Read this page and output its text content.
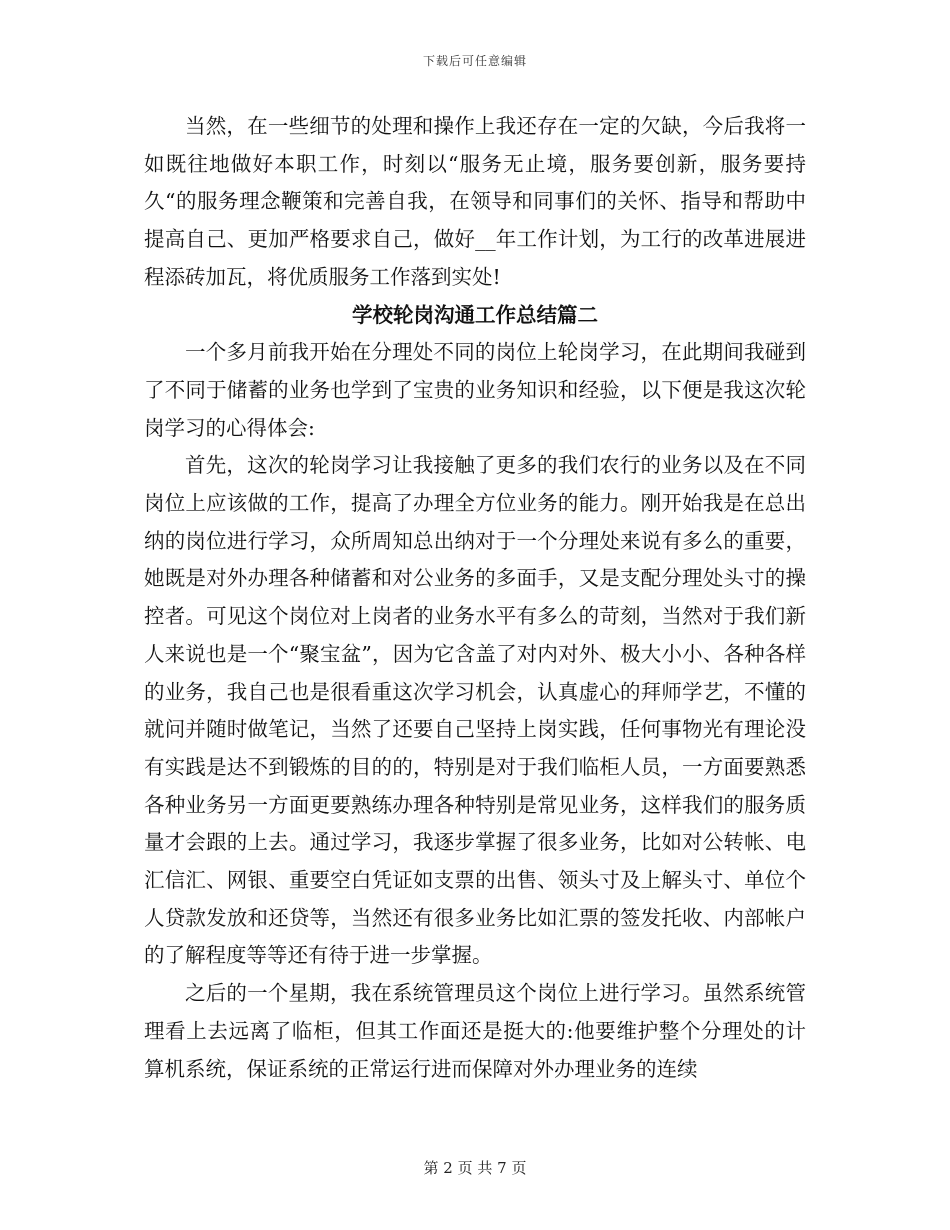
下载后可任意编辑

当然，在一些细节的处理和操作上我还存在一定的欠缺，今后我将一如既往地做好本职工作，时刻以“服务无止境，服务要创新，服务要持久“的服务理念鞭策和完善自我，在领导和同事们的关怀、指导和帮助中提高自己、更加严格要求自己，做好__年工作计划，为工行的改革进展进程添砖加瓦，将优质服务工作落到实处!

学校轮岗沟通工作总结篇二

一个多月前我开始在分理处不同的岗位上轮岗学习，在此期间我碰到了不同于储蓄的业务也学到了宝贵的业务知识和经验，以下便是我这次轮岗学习的心得体会:

首先，这次的轮岗学习让我接触了更多的我们农行的业务以及在不同岗位上应该做的工作，提高了办理全方位业务的能力。刚开始我是在总出纳的岗位进行学习，众所周知总出纳对于一个分理处来说有多么的重要，她既是对外办理各种储蓄和对公业务的多面手，又是支配分理处头寸的操控者。可见这个岗位对上岗者的业务水平有多么的苛刻，当然对于我们新人来说也是一个“聚宝盆”，因为它含盖了对内对外、极大小小、各种各样的业务，我自己也是很看重这次学习机会，认真虚心的拜师学艺，不懂的就问并随时做笔记，当然了还要自己坚持上岗实践，任何事物光有理论没有实践是达不到锻炼的目的的，特别是对于我们临柜人员，一方面要熟悉各种业务另一方面更要熟练办理各种特别是常见业务，这样我们的服务质量才会跟的上去。通过学习，我逐步掌握了很多业务，比如对公转帐、电汇信汇、网银、重要空白凭证如支票的出售、领头寸及上解头寸、单位个人贷款发放和还贷等，当然还有很多业务比如汇票的签发托收、内部帐户的了解程度等等还有待于进一步掌握。

之后的一个星期，我在系统管理员这个岗位上进行学习。虽然系统管理看上去远离了临柜，但其工作面还是挺大的:他要维护整个分理处的计算机系统，保证系统的正常运行进而保障对外办理业务的连续

第 2 页 共 7 页
